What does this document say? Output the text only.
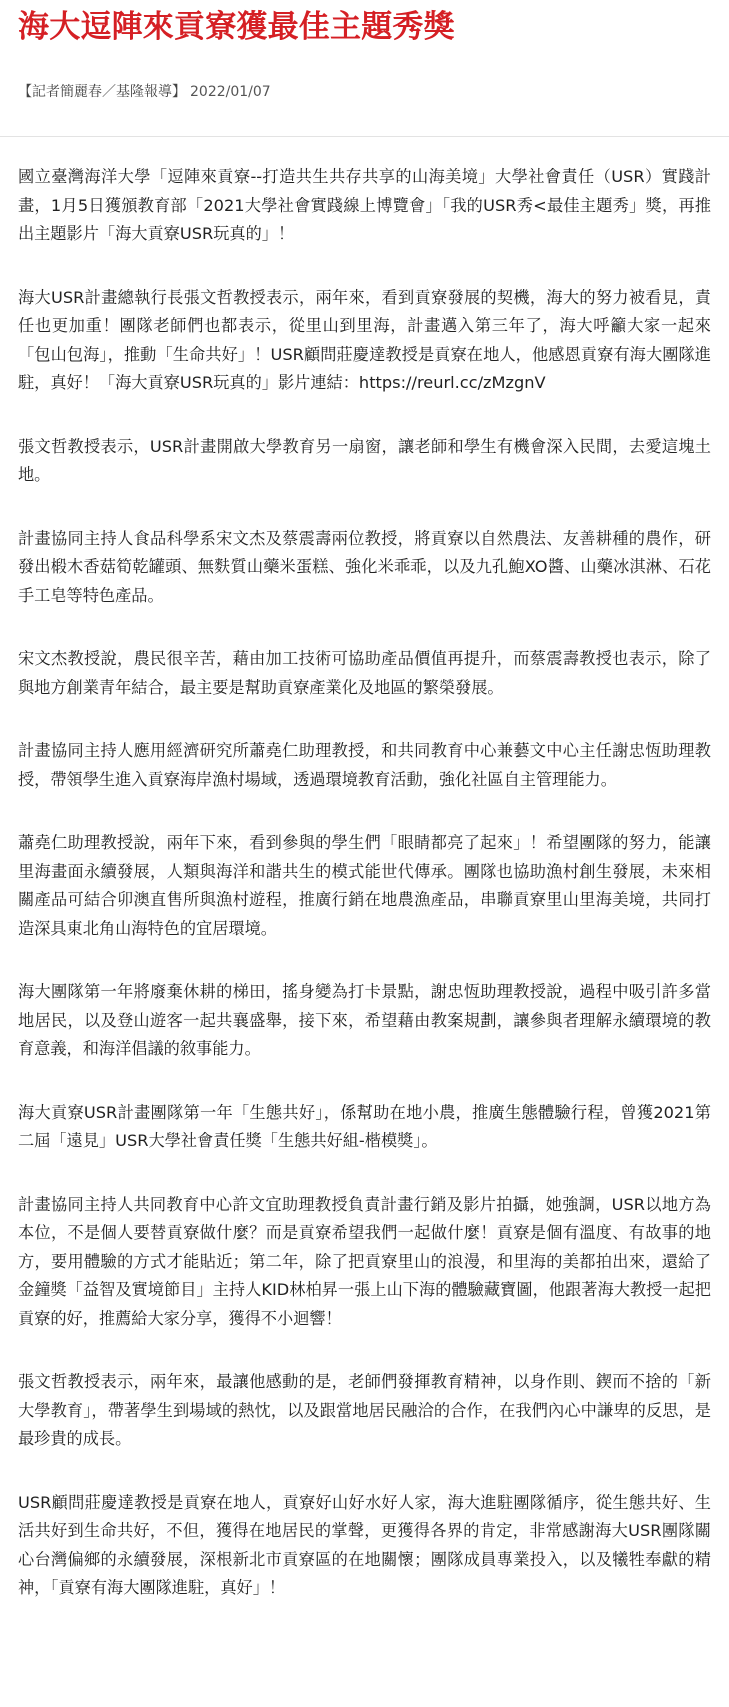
海大逗陣來貢寮獲最佳主題秀獎
【記者簡麗春／基隆報導】 2022/01/07

國立臺灣海洋大學「逗陣來貢寮--打造共生共存共享的山海美境」大學社會責任（USR）實踐計畫，1月5日獲頒教育部「2021大學社會實踐線上博覽會」「我的USR秀<最佳主題秀」獎，再推出主題影片「海大貢寮USR玩真的」！

海大USR計畫總執行長張文哲教授表示，兩年來，看到貢寮發展的契機，海大的努力被看見，責任也更加重！團隊老師們也都表示，從里山到里海，計畫邁入第三年了，海大呼籲大家一起來「包山包海」，推動「生命共好」！USR顧問莊慶達教授是貢寮在地人，他感恩貢寮有海大團隊進駐，真好！「海大貢寮USR玩真的」影片連結：https://reurl.cc/zMzgnV

張文哲教授表示，USR計畫開啟大學教育另一扇窗，讓老師和學生有機會深入民間，去愛這塊土地。

計畫協同主持人食品科學系宋文杰及蔡震壽兩位教授，將貢寮以自然農法、友善耕種的農作，研發出椴木香菇筍乾罐頭、無麩質山藥米蛋糕、強化米乖乖，以及九孔鮑XO醬、山藥冰淇淋、石花手工皂等特色產品。

宋文杰教授說，農民很辛苦，藉由加工技術可協助產品價值再提升，而蔡震壽教授也表示，除了與地方創業青年結合，最主要是幫助貢寮產業化及地區的繁榮發展。

計畫協同主持人應用經濟研究所蕭堯仁助理教授，和共同教育中心兼藝文中心主任謝忠恆助理教授，帶領學生進入貢寮海岸漁村場域，透過環境教育活動，強化社區自主管理能力。

蕭堯仁助理教授說，兩年下來，看到參與的學生們「眼睛都亮了起來」！希望團隊的努力，能讓里海畫面永續發展，人類與海洋和諧共生的模式能世代傳承。團隊也協助漁村創生發展，未來相關產品可結合卯澳直售所與漁村遊程，推廣行銷在地農漁產品，串聯貢寮里山里海美境，共同打造深具東北角山海特色的宜居環境。

海大團隊第一年將廢棄休耕的梯田，搖身變為打卡景點，謝忠恆助理教授說，過程中吸引許多當地居民，以及登山遊客一起共襄盛舉，接下來，希望藉由教案規劃，讓參與者理解永續環境的教育意義，和海洋倡議的敘事能力。

海大貢寮USR計畫團隊第一年「生態共好」，係幫助在地小農，推廣生態體驗行程，曾獲2021第二屆「遠見」USR大學社會責任獎「生態共好組-楷模獎」。

計畫協同主持人共同教育中心許文宜助理教授負責計畫行銷及影片拍攝，她強調，USR以地方為本位，不是個人要替貢寮做什麼？而是貢寮希望我們一起做什麼！貢寮是個有溫度、有故事的地方，要用體驗的方式才能貼近；第二年，除了把貢寮里山的浪漫，和里海的美都拍出來，還給了金鐘獎「益智及實境節目」主持人KID林柏昇一張上山下海的體驗藏寶圖，他跟著海大教授一起把貢寮的好，推薦給大家分享，獲得不小迴響！

張文哲教授表示，兩年來，最讓他感動的是，老師們發揮教育精神，以身作則、鍥而不捨的「新大學教育」，帶著學生到場域的熱忱，以及跟當地居民融洽的合作，在我們內心中謙卑的反思，是最珍貴的成長。

USR顧問莊慶達教授是貢寮在地人，貢寮好山好水好人家，海大進駐團隊循序，從生態共好、生活共好到生命共好，不但，獲得在地居民的掌聲，更獲得各界的肯定，非常感謝海大USR團隊關心台灣偏鄉的永續發展，深根新北市貢寮區的在地關懷；團隊成員專業投入，以及犧牲奉獻的精神，「貢寮有海大團隊進駐，真好」！
